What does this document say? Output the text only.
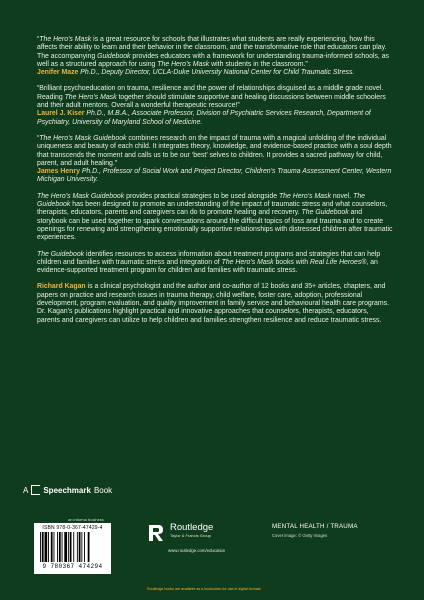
“The Hero’s Mask is a great resource for schools that illustrates what students are really experiencing, how this affects their ability to learn and their behavior in the classroom, and the transformative role that educators can play. The accompanying Guidebook provides educators with a framework for understanding trauma-informed schools, as well as a structured approach for using The Hero’s Mask with students in the classroom.”

Jenifer Maze Ph.D., Deputy Director, UCLA-Duke University National Center for Child Traumatic Stress.

“Brilliant psychoeducation on trauma, resilience and the power of relationships disguised as a middle grade novel. Reading The Hero’s Mask together should stimulate supportive and healing discussions between middle schoolers and their adult mentors. Overall a wonderful therapeutic resource!”

Laurel J. Kiser Ph.D., M.B.A., Associate Professor, Division of Psychiatric Services Research, Department of Psychiatry, University of Maryland School of Medicine.

“The Hero’s Mask Guidebook combines research on the impact of trauma with a magical unfolding of the individual uniqueness and beauty of each child. It integrates theory, knowledge, and evidence-based practice with a soul depth that transcends the moment and calls us to be our ‘best’ selves to children. It provides a sacred pathway for child, parent, and adult healing.”

James Henry Ph.D., Professor of Social Work and Project Director, Children’s Trauma Assessment Center, Western Michigan University.

The Hero’s Mask Guidebook provides practical strategies to be used alongside The Hero’s Mask novel. The Guidebook has been designed to promote an understanding of the impact of traumatic stress and what counselors, therapists, educators, parents and caregivers can do to promote healing and recovery. The Guidebook and storybook can be used together to spark conversations around the difficult topics of loss and trauma and to create openings for renewing and strengthening emotionally supportive relationships with distressed children after traumatic experiences.

The Guidebook identifies resources to access information about treatment programs and strategies that can help children and families with traumatic stress and integration of The Hero’s Mask books with Real Life Heroes®, an evidence-supported treatment program for children and families with traumatic stress.

Richard Kagan is a clinical psychologist and the author and co-author of 12 books and 35+ articles, chapters, and papers on practice and research issues in trauma therapy, child welfare, foster care, adoption, professional development, program evaluation, and quality improvement in family service and behavioural health care programs. Dr. Kagan’s publications highlight practical and innovative approaches that counselors, therapists, educators, parents and caregivers can utilize to help children and families strengthen resilience and reduce traumatic stress.

A Speechmark Book
an informa business
ISBN 978-0-367-47429-4
9 780367 474294
Routledge
Taylor & Francis Group
www.routledge.com/education
MENTAL HEALTH / TRAUMA
Cover image: © Getty Images
Routledge books are available as e-books/also for use in digital formats
